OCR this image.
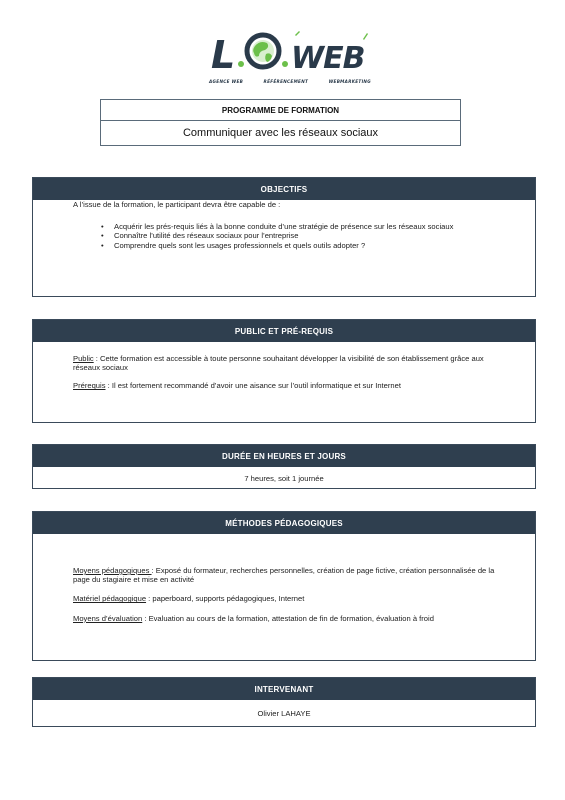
L WEB
AGENCE WEB	RÉFÉRENCEMENT	WEBMARKETING
PROGRAMME DE FORMATION
Communiquer avec les réseaux sociaux
OBJECTIFS

A l’issue de la formation, le participant devra être capable de :

• Acquérir les prés-requis liés à la bonne conduite d’une stratégie de présence sur les réseaux sociaux
• Connaître l’utilité des réseaux sociaux pour l’entreprise
• Comprendre quels sont les usages professionnels et quels outils adopter ?
PUBLIC ET PRÉ-REQUIS

Public : Cette formation est accessible à toute personne souhaitant développer la visibilité de son établissement grâce aux réseaux sociaux

Prérequis : Il est fortement recommandé d’avoir une aisance sur l’outil informatique et sur Internet

DURÉE EN HEURES ET JOURS
7 heures, soit 1 journée
MÉTHODES PÉDAGOGIQUES

Moyens pédagogiques : Exposé du formateur, recherches personnelles, création de page fictive, création personnalisée de la page du stagiaire et mise en activité

Matériel pédagogique : paperboard, supports pédagogiques, Internet

Moyens d’évaluation : Evaluation au cours de la formation, attestation de fin de formation, évaluation à froid

INTERVENANT
Olivier LAHAYE
